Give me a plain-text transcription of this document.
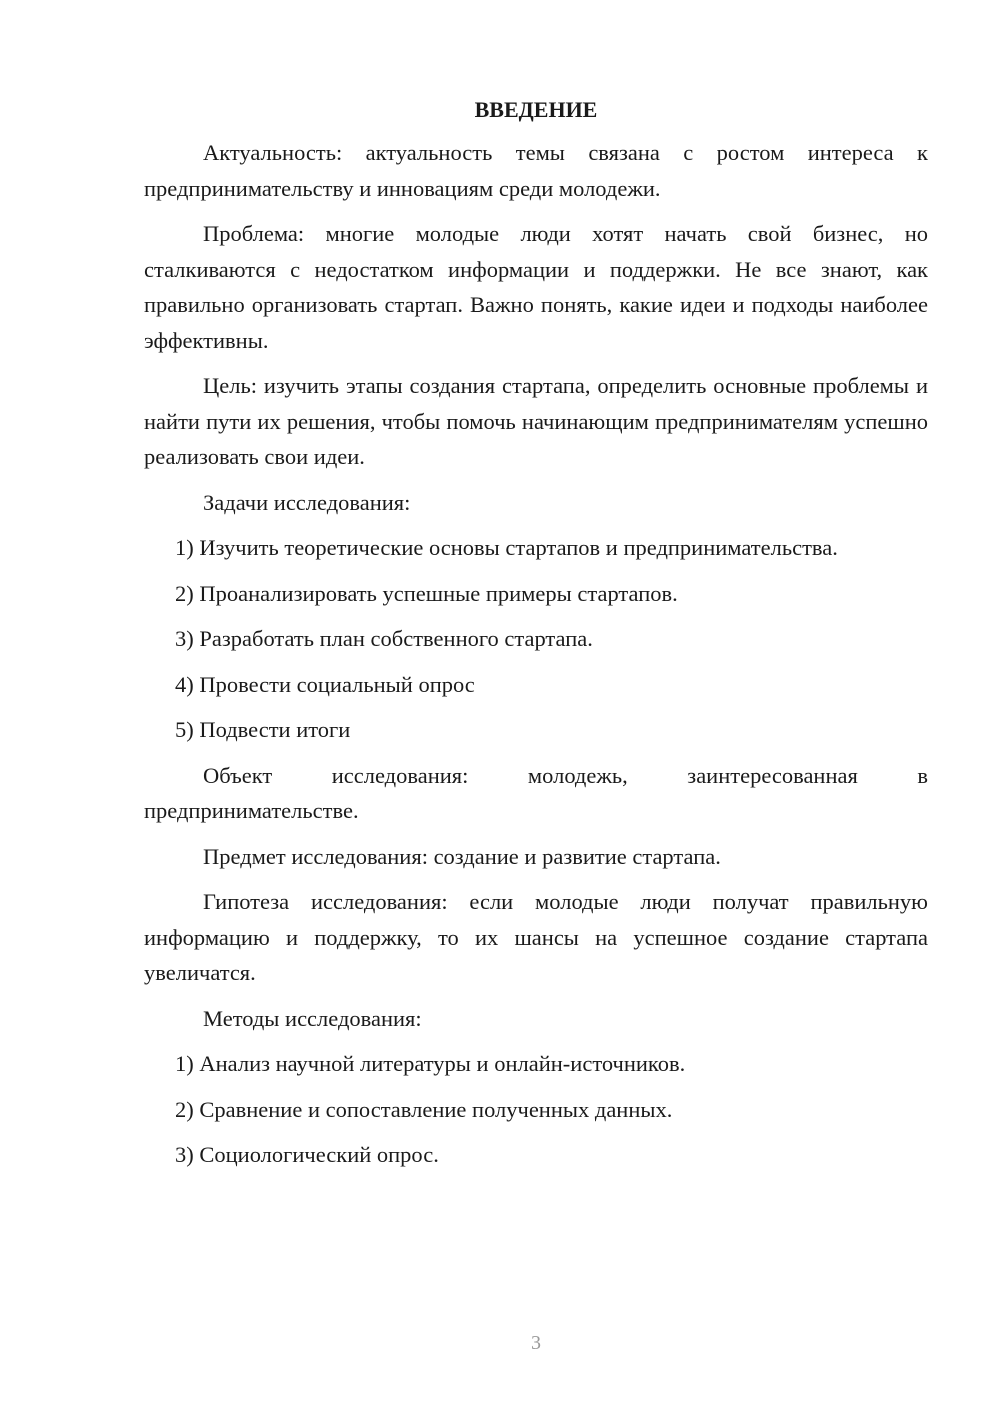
ВВЕДЕНИЕ

Актуальность: актуальность темы связана с ростом интереса к предпринимательству и инновациям среди молодежи.

Проблема: многие молодые люди хотят начать свой бизнес, но сталкиваются с недостатком информации и поддержки. Не все знают, как правильно организовать стартап. Важно понять, какие идеи и подходы наиболее эффективны.

Цель: изучить этапы создания стартапа, определить основные проблемы и найти пути их решения, чтобы помочь начинающим предпринимателям успешно реализовать свои идеи.

Задачи исследования:

1) Изучить теоретические основы стартапов и предпринимательства.
2) Проанализировать успешные примеры стартапов.
3) Разработать план собственного стартапа.
4) Провести социальный опрос
5) Подвести итоги

Объект исследования: молодежь, заинтересованная в

предпринимательстве.

Предмет исследования: создание и развитие стартапа.

Гипотеза исследования: если молодые люди получат правильную информацию и поддержку, то их шансы на успешное создание стартапа увеличатся.

Методы исследования:

1) Анализ научной литературы и онлайн-источников.
2) Сравнение и сопоставление полученных данных.
3) Социологический опрос.
3
